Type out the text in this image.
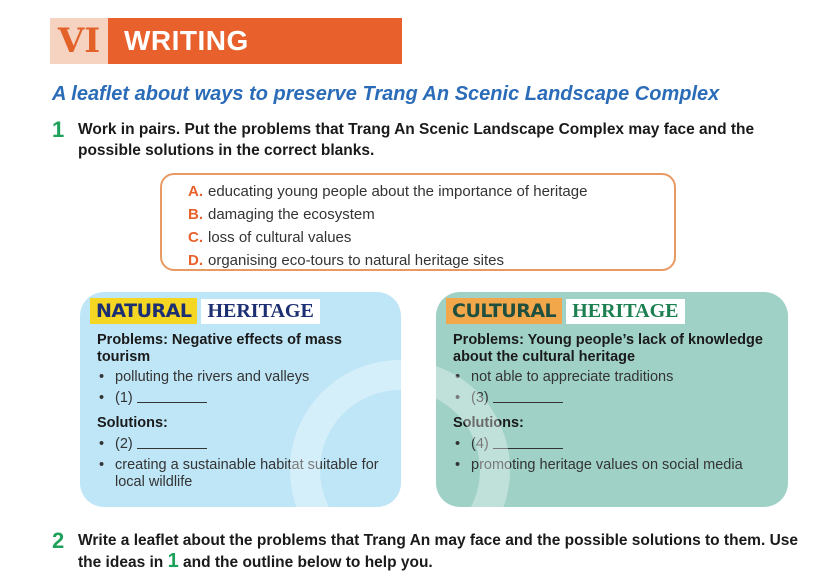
VI WRITING
A leaflet about ways to preserve Trang An Scenic Landscape Complex
1 Work in pairs. Put the problems that Trang An Scenic Landscape Complex may face and the possible solutions in the correct blanks.
A. educating young people about the importance of heritage
B. damaging the ecosystem
C. loss of cultural values
D. organising eco-tours to natural heritage sites
NATURAL HERITAGE
Problems: Negative effects of mass tourism
• polluting the rivers and valleys
• (1)
Solutions:
• (2)
• creating a sustainable habitat suitable for local wildlife
CULTURAL HERITAGE
Problems: Young people’s lack of knowledge about the cultural heritage
• not able to appreciate traditions
• (3)
Solutions:
• (4)
• promoting heritage values on social media
2 Write a leaflet about the problems that Trang An may face and the possible solutions to them. Use the ideas in 1 and the outline below to help you.
